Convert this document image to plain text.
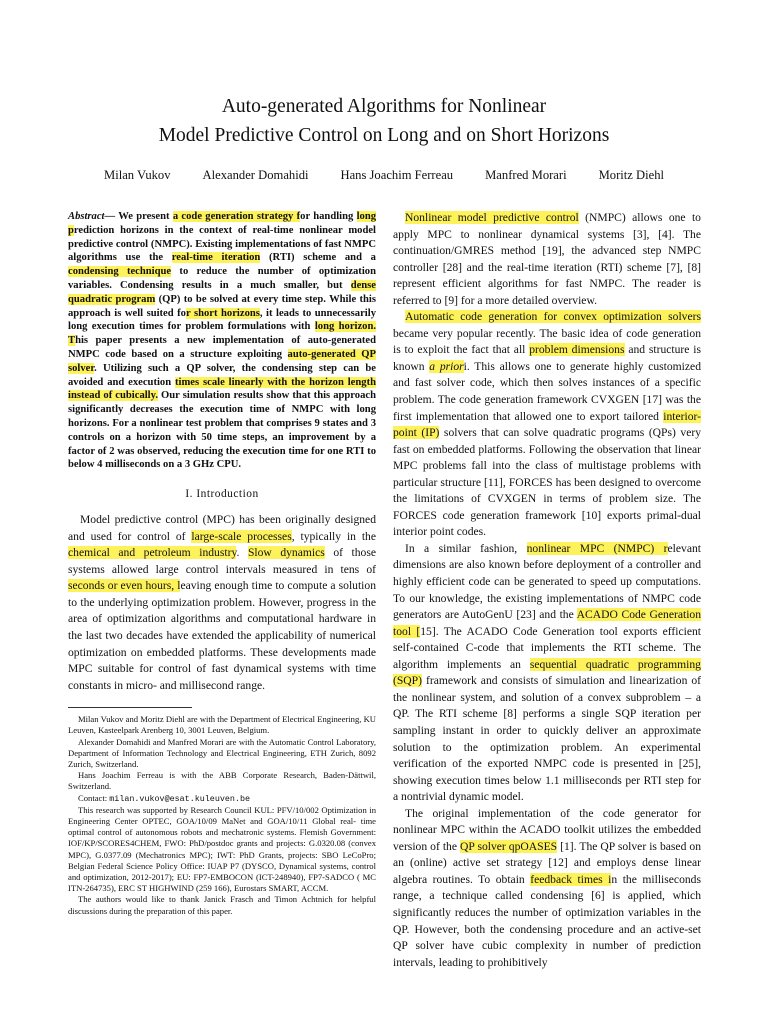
Auto-generated Algorithms for Nonlinear
Model Predictive Control on Long and on Short Horizons
Milan Vukov	Alexander Domahidi	Hans Joachim Ferreau	Manfred Morari	Moritz Diehl

Abstract— We present a code generation strategy for handling long prediction horizons in the context of real-time nonlinear model predictive control (NMPC). Existing implementations of fast NMPC algorithms use the real-time iteration (RTI) scheme and a condensing technique to reduce the number of optimization variables. Condensing results in a much smaller, but dense quadratic program (QP) to be solved at every time step. While this approach is well suited for short horizons, it leads to unnecessarily long execution times for problem formulations with long horizon. This paper presents a new implementation of auto-generated NMPC code based on a structure exploiting auto-generated QP solver. Utilizing such a QP solver, the condensing step can be avoided and execution times scale linearly with the horizon length instead of cubically. Our simulation results show that this approach significantly decreases the execution time of NMPC with long horizons. For a nonlinear test problem that comprises 9 states and 3 controls on a horizon with 50 time steps, an improvement by a factor of 2 was observed, reducing the execution time for one RTI to below 4 milliseconds on a 3 GHz CPU.

I. Introduction

Model predictive control (MPC) has been originally designed and used for control of large-scale processes, typically in the chemical and petroleum industry. Slow dynamics of those systems allowed large control intervals measured in tens of seconds or even hours, leaving enough time to compute a solution to the underlying optimization problem. However, progress in the area of optimization algorithms and computational hardware in the last two decades have extended the applicability of numerical optimization on embedded platforms. These developments made MPC suitable for control of fast dynamical systems with time constants in micro- and millisecond range.

Milan Vukov and Moritz Diehl are with the Department of Electrical Engineering, KU Leuven, Kasteelpark Arenberg 10, 3001 Leuven, Belgium.

Alexander Domahidi and Manfred Morari are with the Automatic Control Laboratory, Department of Information Technology and Electrical Engineering, ETH Zurich, 8092 Zurich, Switzerland.

Hans Joachim Ferreau is with the ABB Corporate Research, Baden-Dättwil, Switzerland.

Contact: milan.vukov@esat.kuleuven.be

This research was supported by Research Council KUL: PFV/10/002 Optimization in Engineering Center OPTEC, GOA/10/09 MaNet and GOA/10/11 Global real- time optimal control of autonomous robots and mechatronic systems. Flemish Government: IOF/KP/SCORES4CHEM, FWO: PhD/postdoc grants and projects: G.0320.08 (convex MPC), G.0377.09 (Mechatronics MPC); IWT: PhD Grants, projects: SBO LeCoPro; Belgian Federal Science Policy Office: IUAP P7 (DYSCO, Dynamical systems, control and optimization, 2012-2017); EU: FP7-EMBOCON (ICT-248940), FP7-SADCO ( MC ITN-264735), ERC ST HIGHWIND (259 166), Eurostars SMART, ACCM.

The authors would like to thank Janick Frasch and Timon Achtnich for helpful discussions during the preparation of this paper.

Nonlinear model predictive control (NMPC) allows one to apply MPC to nonlinear dynamical systems [3], [4]. The continuation/GMRES method [19], the advanced step NMPC controller [28] and the real-time iteration (RTI) scheme [7], [8] represent efficient algorithms for fast NMPC. The reader is referred to [9] for a more detailed overview.

Automatic code generation for convex optimization solvers became very popular recently. The basic idea of code generation is to exploit the fact that all problem dimensions and structure is known a priori. This allows one to generate highly customized and fast solver code, which then solves instances of a specific problem. The code generation framework CVXGEN [17] was the first implementation that allowed one to export tailored interior-point (IP) solvers that can solve quadratic programs (QPs) very fast on embedded platforms. Following the observation that linear MPC problems fall into the class of multistage problems with particular structure [11], FORCES has been designed to overcome the limitations of CVXGEN in terms of problem size. The FORCES code generation framework [10] exports primal-dual interior point codes.

In a similar fashion, nonlinear MPC (NMPC) relevant dimensions are also known before deployment of a controller and highly efficient code can be generated to speed up computations. To our knowledge, the existing implementations of NMPC code generators are AutoGenU [23] and the ACADO Code Generation tool [15]. The ACADO Code Generation tool exports efficient self-contained C-code that implements the RTI scheme. The algorithm implements an sequential quadratic programming (SQP) framework and consists of simulation and linearization of the nonlinear system, and solution of a convex subproblem – a QP. The RTI scheme [8] performs a single SQP iteration per sampling instant in order to quickly deliver an approximate solution to the optimization problem. An experimental verification of the exported NMPC code is presented in [25], showing execution times below 1.1 milliseconds per RTI step for a nontrivial dynamic model.

The original implementation of the code generator for nonlinear MPC within the ACADO toolkit utilizes the embedded version of the QP solver qpOASES [1]. The QP solver is based on an (online) active set strategy [12] and employs dense linear algebra routines. To obtain feedback times in the milliseconds range, a technique called condensing [6] is applied, which significantly reduces the number of optimization variables in the QP. However, both the condensing procedure and an active-set QP solver have cubic complexity in number of prediction intervals, leading to prohibitively
